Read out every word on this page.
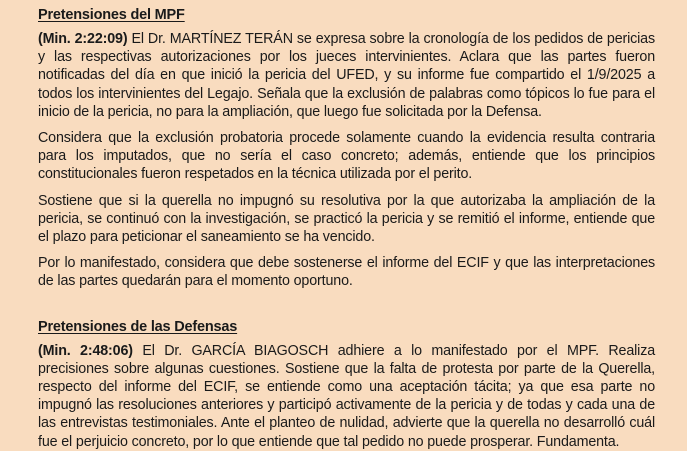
Pretensiones del MPF

(Min. 2:22:09) El Dr. MARTÍNEZ TERÁN se expresa sobre la cronología de los pedidos de pericias y las respectivas autorizaciones por los jueces intervinientes. Aclara que las partes fueron notificadas del día en que inició la pericia del UFED, y su informe fue compartido el 1/9/2025 a todos los intervinientes del Legajo. Señala que la exclusión de palabras como tópicos lo fue para el inicio de la pericia, no para la ampliación, que luego fue solicitada por la Defensa.

Considera que la exclusión probatoria procede solamente cuando la evidencia resulta contraria para los imputados, que no sería el caso concreto; además, entiende que los principios constitucionales fueron respetados en la técnica utilizada por el perito.

Sostiene que si la querella no impugnó su resolutiva por la que autorizaba la ampliación de la pericia, se continuó con la investigación, se practicó la pericia y se remitió el informe, entiende que el plazo para peticionar el saneamiento se ha vencido.

Por lo manifestado, considera que debe sostenerse el informe del ECIF y que las interpretaciones de las partes quedarán para el momento oportuno.

Pretensiones de las Defensas

(Min. 2:48:06) El Dr. GARCÍA BIAGOSCH adhiere a lo manifestado por el MPF. Realiza precisiones sobre algunas cuestiones. Sostiene que la falta de protesta por parte de la Querella, respecto del informe del ECIF, se entiende como una aceptación tácita; ya que esa parte no impugnó las resoluciones anteriores y participó activamente de la pericia y de todas y cada una de las entrevistas testimoniales. Ante el planteo de nulidad, advierte que la querella no desarrolló cuál fue el perjuicio concreto, por lo que entiende que tal pedido no puede prosperar. Fundamenta.
